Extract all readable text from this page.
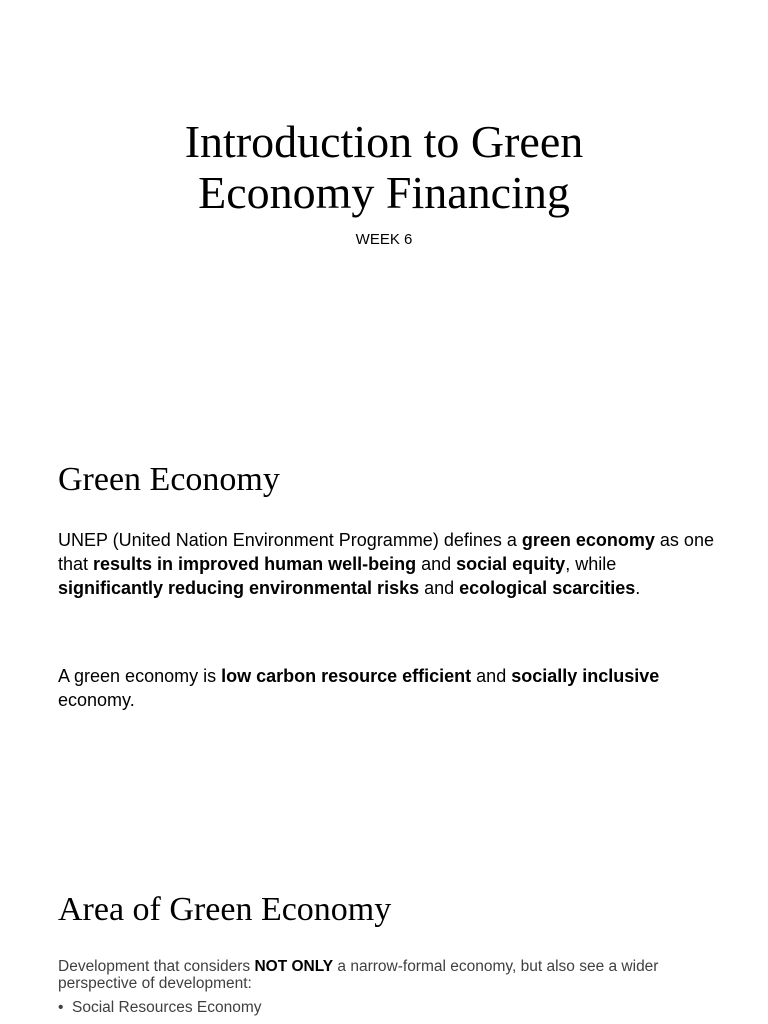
Introduction to Green
Economy Financing

WEEK 6

Green Economy

UNEP (United Nation Environment Programme) defines a green economy as one that results in improved human well-being and social equity, while significantly reducing environmental risks and ecological scarcities.

A green economy is low carbon resource efficient and socially inclusive economy.

Area of Green Economy

Development that considers NOT ONLY a narrow-formal economy, but also see a wider perspective of development:

• Social Resources Economy
